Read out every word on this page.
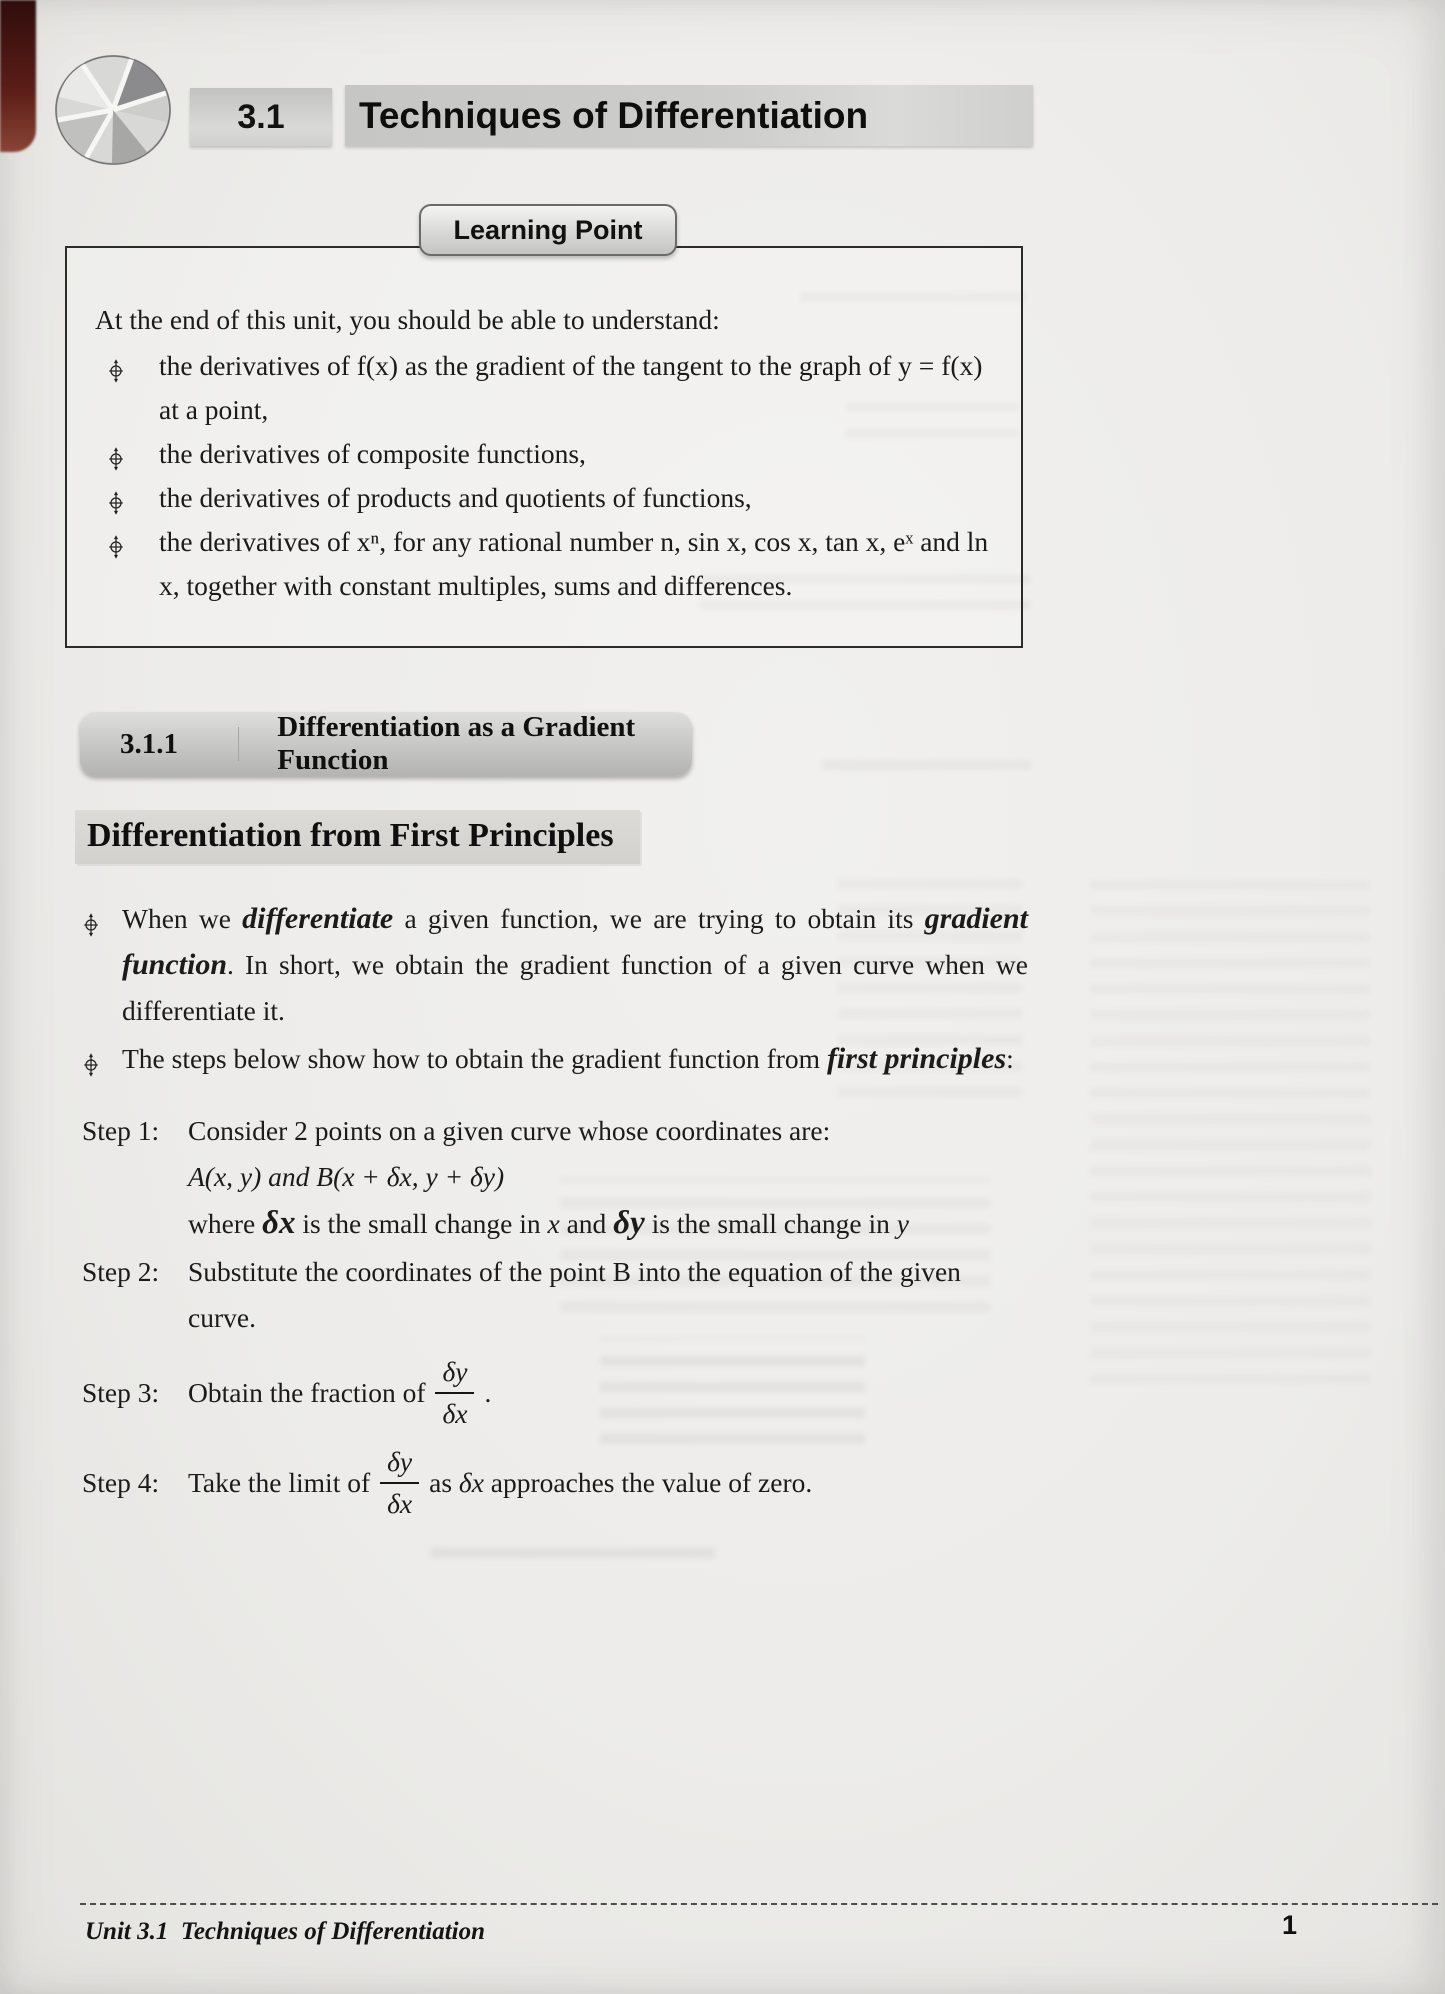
3.1 Techniques of Differentiation
Learning Point
At the end of this unit, you should be able to understand:
the derivatives of f(x) as the gradient of the tangent to the graph of y = f(x) at a point,
the derivatives of composite functions,
the derivatives of products and quotients of functions,
the derivatives of xⁿ, for any rational number n, sin x, cos x, tan x, eˣ and ln x, together with constant multiples, sums and differences.
3.1.1
Differentiation as a Gradient Function
Differentiation from First Principles
When we differentiate a given function, we are trying to obtain its gradient function. In short, we obtain the gradient function of a given curve when we differentiate it.
The steps below show how to obtain the gradient function from first principles:
Step 1:	Consider 2 points on a given curve whose coordinates are:
A(x, y) and B(x + δx, y + δy)
where δx is the small change in x and δy is the small change in y
Step 2:	Substitute the coordinates of the point B into the equation of the given curve.
Step 3:	Obtain the fraction of $\frac{\delta y}{\delta x}$ .
Step 4:	Take the limit of $\frac{\delta y}{\delta x}$ as δx approaches the value of zero.
Unit 3.1  Techniques of Differentiation	1
